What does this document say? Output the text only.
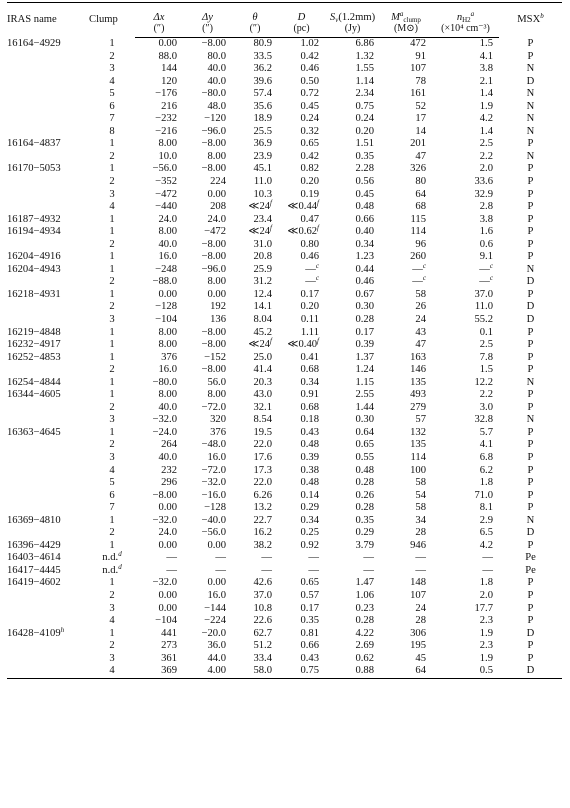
IRAS name	Clump	Δx	Δy	θ	D	$S_\nu(1.2mm)$	$M^a_{clump}$	$n_{H2}^a$	MSX$^b$
		(″)	(″)	(″)	(pc)	(Jy)	(M⊙)	(×10⁴ cm⁻³)	
16164−4929	1	0.00	−8.00	80.9	1.02	6.86	472	1.5	P
	2	88.0	80.0	33.5	0.42	1.32	91	4.1	P
	3	144	40.0	36.2	0.46	1.55	107	3.8	N
	4	120	40.0	39.6	0.50	1.14	78	2.1	D
	5	−176	−80.0	57.4	0.72	2.34	161	1.4	N
	6	216	48.0	35.6	0.45	0.75	52	1.9	N
	7	−232	−120	18.9	0.24	0.24	17	4.2	N
	8	−216	−96.0	25.5	0.32	0.20	14	1.4	N
16164−4837	1	8.00	−8.00	36.9	0.65	1.51	201	2.5	P
	2	10.0	8.00	23.9	0.42	0.35	47	2.2	N
16170−5053	1	−56.0	−8.00	45.1	0.82	2.28	326	2.0	P
	2	−352	224	11.0	0.20	0.56	80	33.6	P
	3	−472	0.00	10.3	0.19	0.45	64	32.9	P
	4	−440	208	≪24$^f$	≪0.44$^f$	0.48	68	2.8	P
16187−4932	1	24.0	24.0	23.4	0.47	0.66	115	3.8	P
16194−4934	1	8.00	−472	≪24$^f$	≪0.62$^f$	0.40	114	1.6	P
	2	40.0	−8.00	31.0	0.80	0.34	96	0.6	P
16204−4916	1	16.0	−8.00	20.8	0.46	1.23	260	9.1	P
16204−4943	1	−248	−96.0	25.9	—$^c$	0.44	—$^c$	—$^c$	N
	2	−88.0	8.00	31.2	—$^c$	0.46	—$^c$	—$^c$	D
16218−4931	1	0.00	0.00	12.4	0.17	0.67	58	37.0	P
	2	−128	192	14.1	0.20	0.30	26	11.0	D
	3	−104	136	8.04	0.11	0.28	24	55.2	D
16219−4848	1	8.00	−8.00	45.2	1.11	0.17	43	0.1	P
16232−4917	1	8.00	−8.00	≪24$^f$	≪0.40$^f$	0.39	47	2.5	P
16252−4853	1	376	−152	25.0	0.41	1.37	163	7.8	P
	2	16.0	−8.00	41.4	0.68	1.24	146	1.5	P
16254−4844	1	−80.0	56.0	20.3	0.34	1.15	135	12.2	N
16344−4605	1	8.00	8.00	43.0	0.91	2.55	493	2.2	P
	2	40.0	−72.0	32.1	0.68	1.44	279	3.0	P
	3	−32.0	320	8.54	0.18	0.30	57	32.8	N
16363−4645	1	−24.0	376	19.5	0.43	0.64	132	5.7	P
	2	264	−48.0	22.0	0.48	0.65	135	4.1	P
	3	40.0	16.0	17.6	0.39	0.55	114	6.8	P
	4	232	−72.0	17.3	0.38	0.48	100	6.2	P
	5	296	−32.0	22.0	0.48	0.28	58	1.8	P
	6	−8.00	−16.0	6.26	0.14	0.26	54	71.0	P
	7	0.00	−128	13.2	0.29	0.28	58	8.1	P
16369−4810	1	−32.0	−40.0	22.7	0.34	0.35	34	2.9	N
	2	24.0	−56.0	16.2	0.25	0.29	28	6.5	D
16396−4429	1	0.00	0.00	38.2	0.92	3.79	946	4.2	P
16403−4614	n.d.$^d$	—	—	—	—	—	—	—	Pe
16417−4445	n.d.$^d$	—	—	—	—	—	—	—	Pe
16419−4602	1	−32.0	0.00	42.6	0.65	1.47	148	1.8	P
	2	0.00	16.0	37.0	0.57	1.06	107	2.0	P
	3	0.00	−144	10.8	0.17	0.23	24	17.7	P
	4	−104	−224	22.6	0.35	0.28	28	2.3	P
$16428-4109^h$	1	441	−20.0	62.7	0.81	4.22	306	1.9	D
	2	273	36.0	51.2	0.66	2.69	195	2.3	P
	3	361	44.0	33.4	0.43	0.62	45	1.9	P
	4	369	4.00	58.0	0.75	0.88	64	0.5	D
